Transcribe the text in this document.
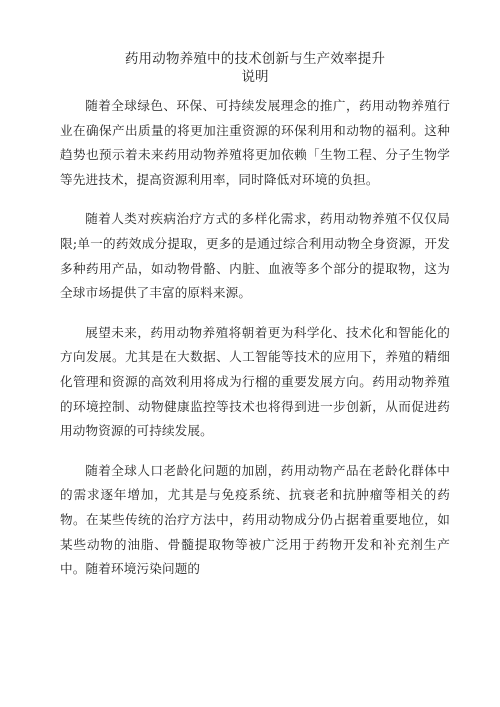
药用动物养殖中的技术创新与生产效率提升
说明

随着全球绿色、环保、可持续发展理念的推广，药用动物养殖行业在确保产出质量的将更加注重资源的环保利用和动物的福利。这种趋势也预示着未来药用动物养殖将更加依赖「生物工程、分子生物学等先进技术，提高资源利用率，同时降低对环境的负担。

随着人类对疾病治疗方式的多样化需求，药用动物养殖不仅仅局限;单一的药效成分提取，更多的是通过综合利用动物全身资源，开发多种药用产品，如动物骨骼、内脏、血液等多个部分的提取物，这为全球市场提供了丰富的原料来源。

展望未来，药用动物养殖将朝着更为科学化、技术化和智能化的方向发展。尤其是在大数据、人工智能等技术的应用下，养殖的精细化管理和资源的高效利用将成为行榴的重要发展方向。药用动物养殖的环境控制、动物健康监控等技术也将得到进一步创新，从而促进药用动物资源的可持续发展。

随着全球人口老龄化问题的加剧，药用动物产品在老龄化群体中的需求逐年增加，尤其是与免疫系统、抗衰老和抗肿瘤等相关的药物。在某些传统的治疗方法中，药用动物成分仍占据着重要地位，如某些动物的油脂、骨髓提取物等被广泛用于药物开发和补充剂生产中。随着环境污染问题的
